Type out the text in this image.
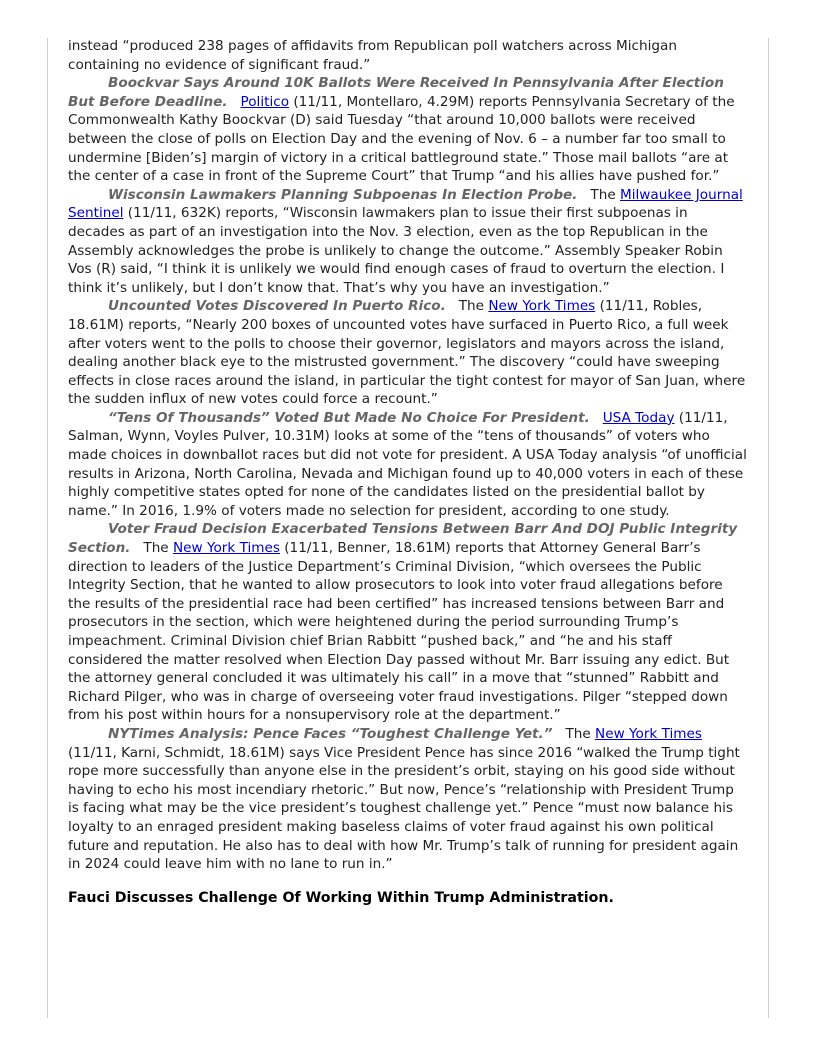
instead “produced 238 pages of affidavits from Republican poll watchers across Michigan containing no evidence of significant fraud.”

Boockvar Says Around 10K Ballots Were Received In Pennsylvania After Election But Before Deadline. Politico (11/11, Montellaro, 4.29M) reports Pennsylvania Secretary of the Commonwealth Kathy Boockvar (D) said Tuesday “that around 10,000 ballots were received between the close of polls on Election Day and the evening of Nov. 6 – a number far too small to undermine [Biden’s] margin of victory in a critical battleground state.” Those mail ballots “are at the center of a case in front of the Supreme Court” that Trump “and his allies have pushed for.”

Wisconsin Lawmakers Planning Subpoenas In Election Probe. The Milwaukee Journal Sentinel (11/11, 632K) reports, “Wisconsin lawmakers plan to issue their first subpoenas in decades as part of an investigation into the Nov. 3 election, even as the top Republican in the Assembly acknowledges the probe is unlikely to change the outcome.” Assembly Speaker Robin Vos (R) said, “I think it is unlikely we would find enough cases of fraud to overturn the election. I think it’s unlikely, but I don’t know that. That’s why you have an investigation.”

Uncounted Votes Discovered In Puerto Rico. The New York Times (11/11, Robles, 18.61M) reports, “Nearly 200 boxes of uncounted votes have surfaced in Puerto Rico, a full week after voters went to the polls to choose their governor, legislators and mayors across the island, dealing another black eye to the mistrusted government.” The discovery “could have sweeping effects in close races around the island, in particular the tight contest for mayor of San Juan, where the sudden influx of new votes could force a recount.”

“Tens Of Thousands” Voted But Made No Choice For President. USA Today (11/11, Salman, Wynn, Voyles Pulver, 10.31M) looks at some of the “tens of thousands” of voters who made choices in downballot races but did not vote for president. A USA Today analysis “of unofficial results in Arizona, North Carolina, Nevada and Michigan found up to 40,000 voters in each of these highly competitive states opted for none of the candidates listed on the presidential ballot by name.” In 2016, 1.9% of voters made no selection for president, according to one study.

Voter Fraud Decision Exacerbated Tensions Between Barr And DOJ Public Integrity Section. The New York Times (11/11, Benner, 18.61M) reports that Attorney General Barr’s direction to leaders of the Justice Department’s Criminal Division, “which oversees the Public Integrity Section, that he wanted to allow prosecutors to look into voter fraud allegations before the results of the presidential race had been certified” has increased tensions between Barr and prosecutors in the section, which were heightened during the period surrounding Trump’s impeachment. Criminal Division chief Brian Rabbitt “pushed back,” and “he and his staff considered the matter resolved when Election Day passed without Mr. Barr issuing any edict. But the attorney general concluded it was ultimately his call” in a move that “stunned” Rabbitt and Richard Pilger, who was in charge of overseeing voter fraud investigations. Pilger “stepped down from his post within hours for a nonsupervisory role at the department.”

NYTimes Analysis: Pence Faces “Toughest Challenge Yet.” The New York Times (11/11, Karni, Schmidt, 18.61M) says Vice President Pence has since 2016 “walked the Trump tight rope more successfully than anyone else in the president’s orbit, staying on his good side without having to echo his most incendiary rhetoric.” But now, Pence’s “relationship with President Trump is facing what may be the vice president’s toughest challenge yet.” Pence “must now balance his loyalty to an enraged president making baseless claims of voter fraud against his own political future and reputation. He also has to deal with how Mr. Trump’s talk of running for president again in 2024 could leave him with no lane to run in.”

Fauci Discusses Challenge Of Working Within Trump Administration.
